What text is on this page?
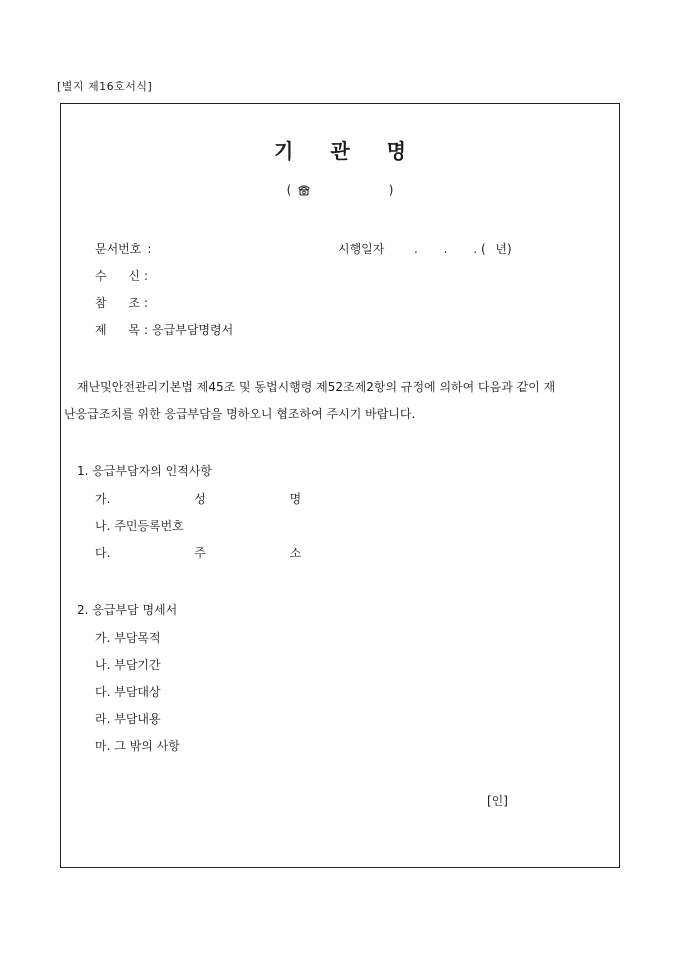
[별지 제16호서식]
기 관 명
(	)
문서번호 :	시행일자 . . . ( 년)
수 신 :
참 조 :
제 목 : 응급부담명령서
재난및안전관리기본법 제45조 및 동법시행령 제52조제2항의 규정에 의하여 다음과 같이 재
난응급조치를 위한 응급부담을 명하오니 협조하여 주시기 바랍니다.
1. 응급부담자의 인적사항
가. 성 명
나. 주민등록번호
다. 주 소
2. 응급부담 명세서
가. 부담목적
나. 부담기간
다. 부담대상
라. 부담내용
마. 그 밖의 사항
[인]
